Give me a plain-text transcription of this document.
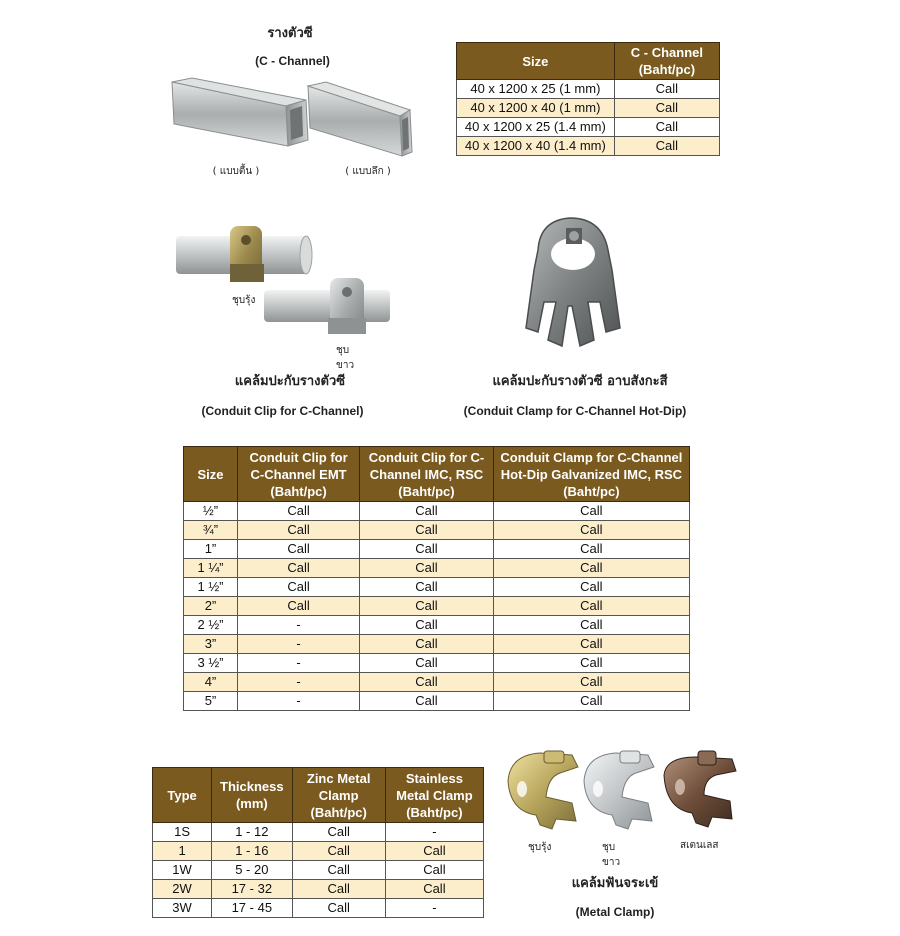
รางตัวซี
(C - Channel)
( แบบตื้น )	( แบบลึก )
Size	C - Channel (Baht/pc)
40 x 1200 x 25 (1 mm)	Call
40 x 1200 x 40 (1 mm)	Call
40 x 1200 x 25 (1.4 mm)	Call
40 x 1200 x 40 (1.4 mm)	Call
ชุบรุ้ง
ชุบขาว
แคล้มปะกับรางตัวซี
(Conduit Clip for C-Channel)
แคล้มปะกับรางตัวซี อาบสังกะสี
(Conduit Clamp for C-Channel Hot-Dip)
Size	Conduit Clip for C-Channel EMT (Baht/pc)	Conduit Clip for C-Channel IMC, RSC (Baht/pc)	Conduit Clamp for C-Channel Hot-Dip Galvanized IMC, RSC (Baht/pc)
½”	Call	Call	Call
¾”	Call	Call	Call
1”	Call	Call	Call
1 ¼”	Call	Call	Call
1 ½”	Call	Call	Call
2”	Call	Call	Call
2 ½”	-	Call	Call
3”	-	Call	Call
3 ½”	-	Call	Call
4”	-	Call	Call
5”	-	Call	Call
Type	Thickness (mm)	Zinc Metal Clamp (Baht/pc)	Stainless Metal Clamp (Baht/pc)
1S	1 - 12	Call	-
1	1 - 16	Call	Call
1W	5 - 20	Call	Call
2W	17 - 32	Call	Call
3W	17 - 45	Call	-
ชุบรุ้ง	ชุบขาว
สเตนเลส
แคล้มฟันจระเข้
(Metal Clamp)
